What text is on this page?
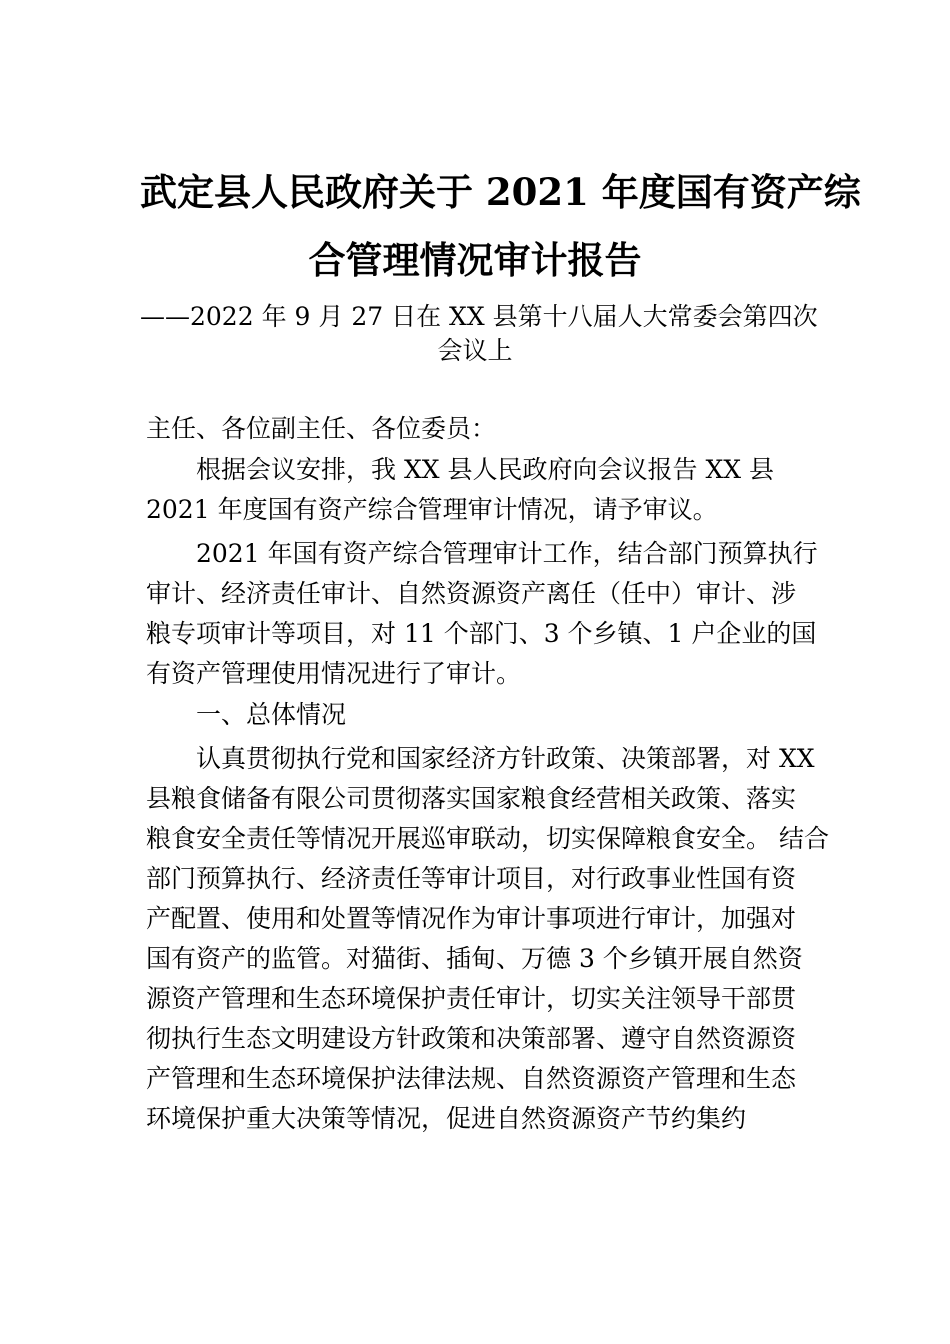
武定县人民政府关于 2021 年度国有资产综
合管理情况审计报告
——2022 年 9 月 27 日在 XX 县第十八届人大常委会第四次
会议上
主任、各位副主任、各位委员：
根据会议安排，我 XX 县人民政府向会议报告 XX 县
2021 年度国有资产综合管理审计情况，请予审议。
2021 年国有资产综合管理审计工作，结合部门预算执行
审计、经济责任审计、自然资源资产离任（任中）审计、涉
粮专项审计等项目，对 11 个部门、3 个乡镇、1 户企业的国
有资产管理使用情况进行了审计。
一、总体情况
认真贯彻执行党和国家经济方针政策、决策部署，对 XX
县粮食储备有限公司贯彻落实国家粮食经营相关政策、落实
粮食安全责任等情况开展巡审联动，切实保障粮食安全。 结合
部门预算执行、经济责任等审计项目，对行政事业性国有资
产配置、使用和处置等情况作为审计事项进行审计，加强对
国有资产的监管。对猫街、插甸、万德 3 个乡镇开展自然资
源资产管理和生态环境保护责任审计，切实关注领导干部贯
彻执行生态文明建设方针政策和决策部署、遵守自然资源资
产管理和生态环境保护法律法规、自然资源资产管理和生态
环境保护重大决策等情况，促进自然资源资产节约集约
